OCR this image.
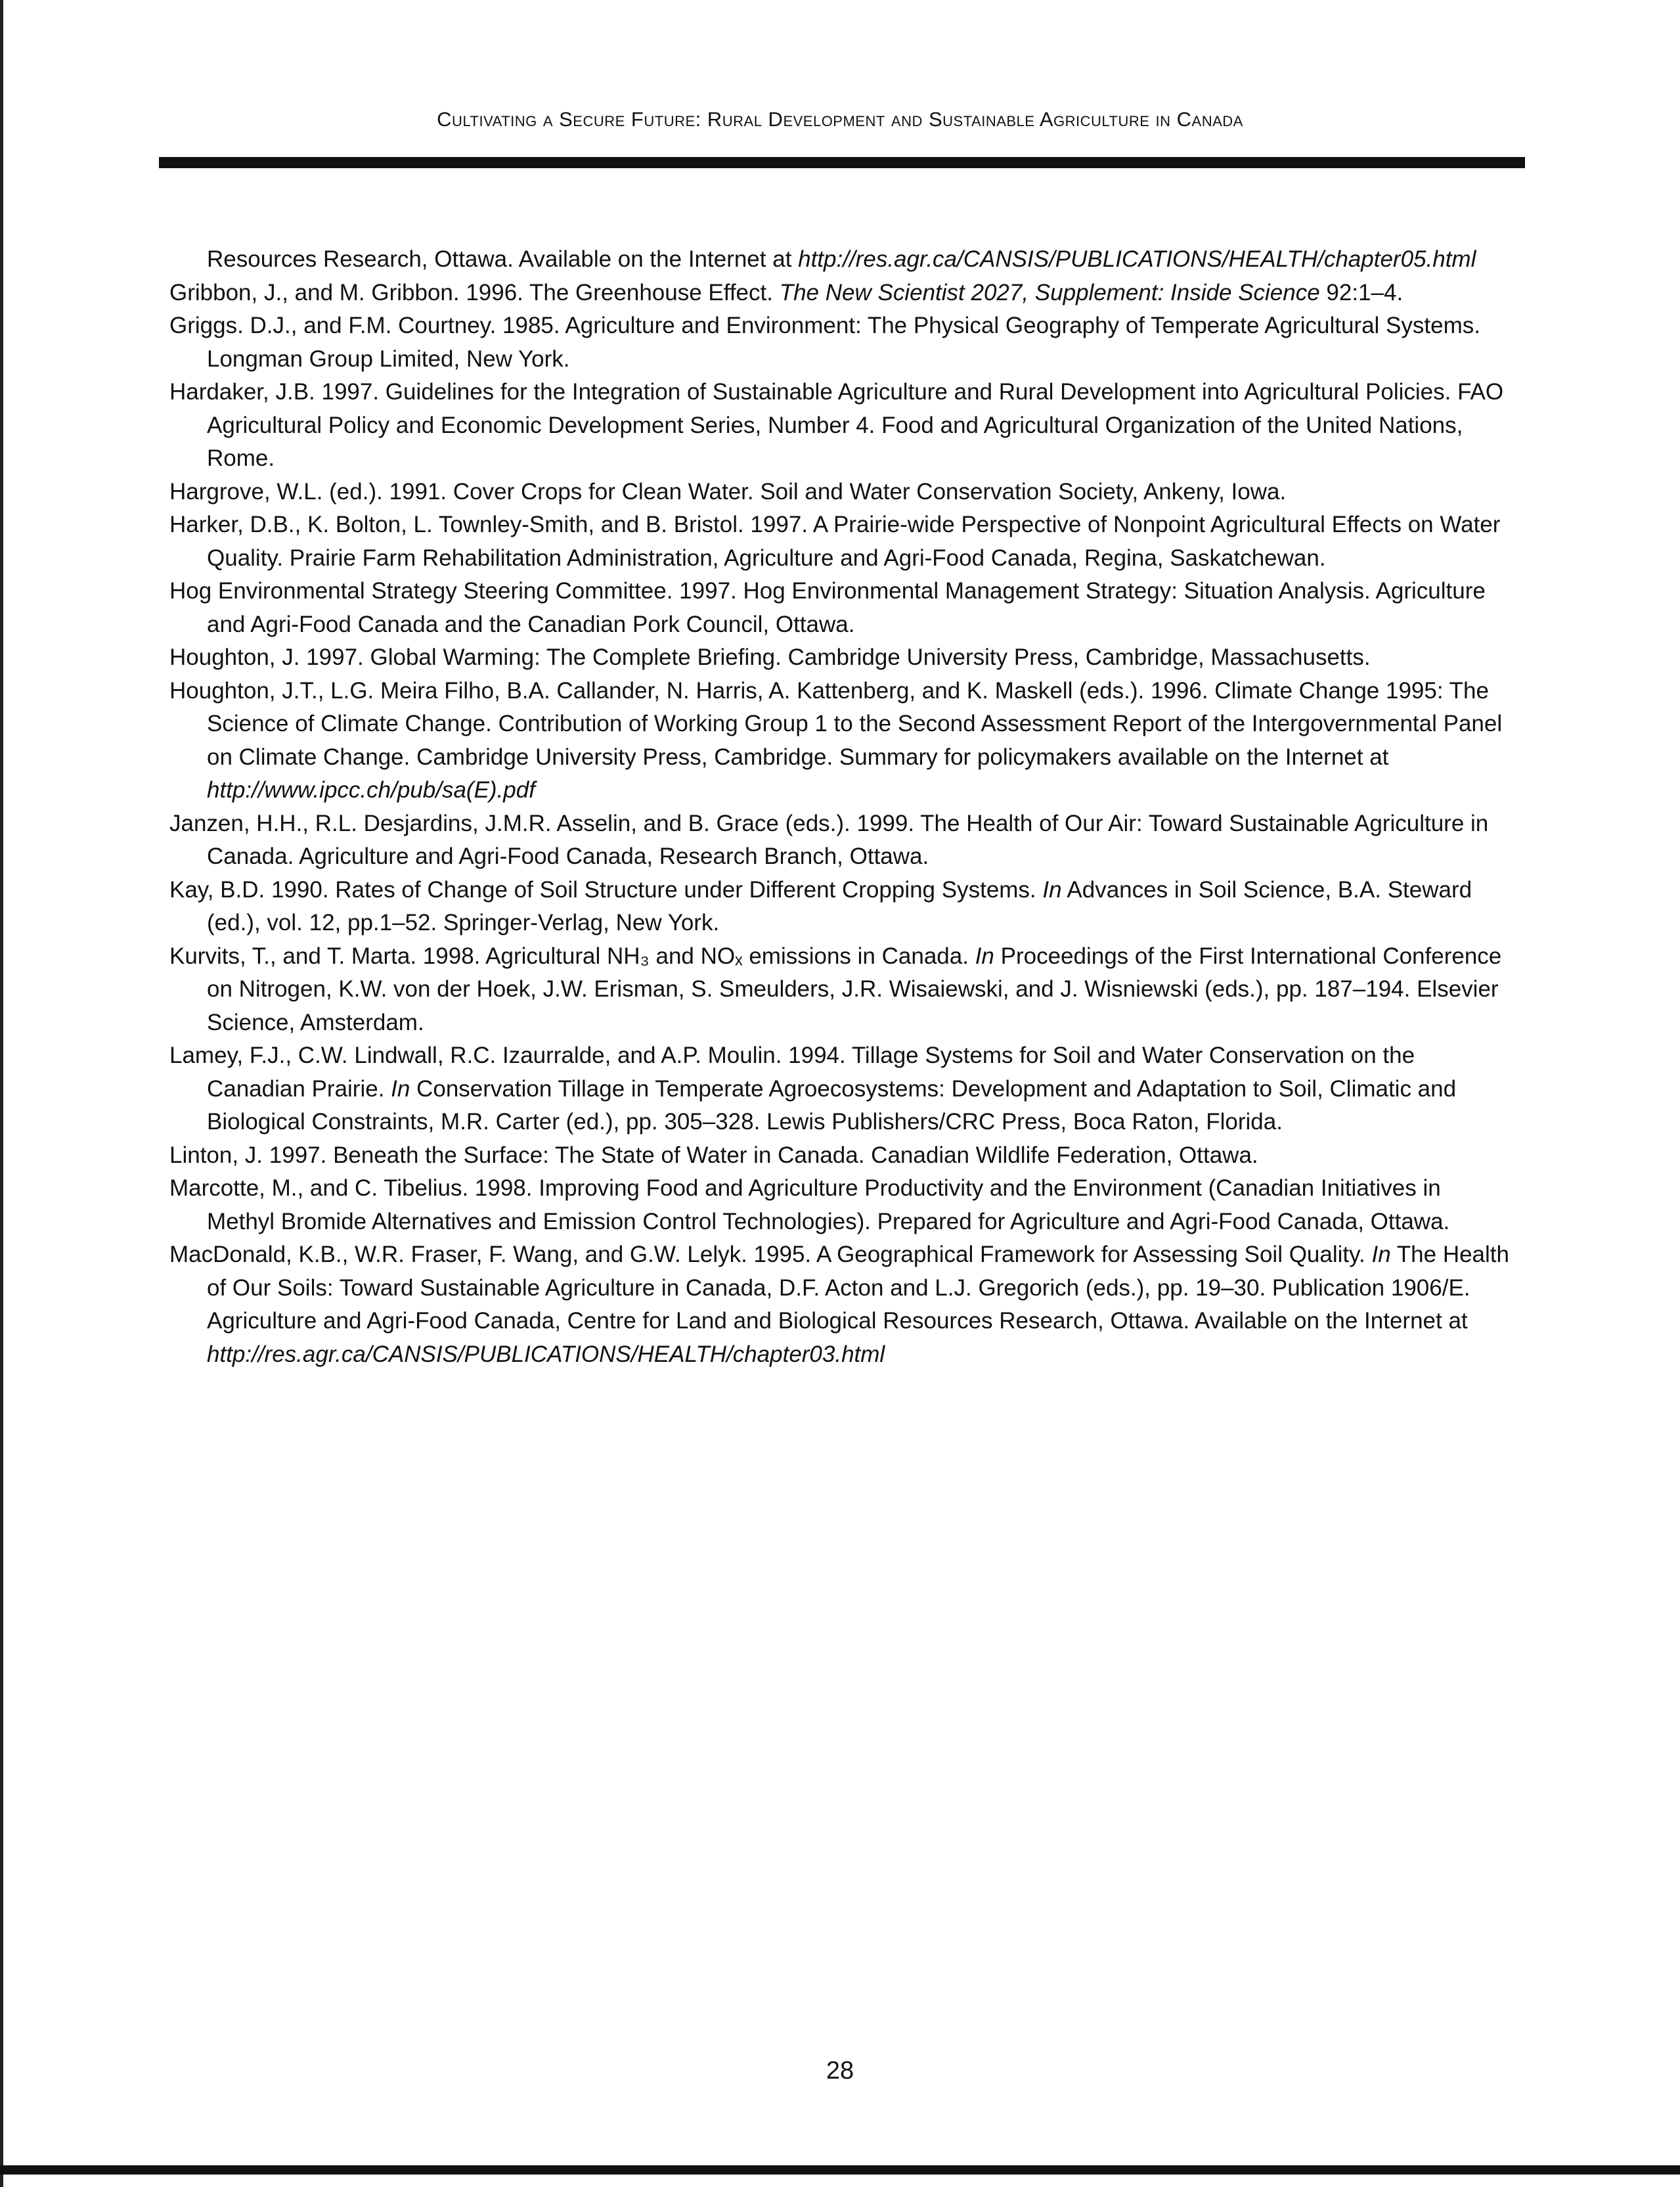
Cultivating a Secure Future: Rural Development and Sustainable Agriculture in Canada

Resources Research, Ottawa. Available on the Internet at http://res.agr.ca/CANSIS/PUBLICATIONS/HEALTH/chapter05.html

Gribbon, J., and M. Gribbon. 1996. The Greenhouse Effect. The New Scientist 2027, Supplement: Inside Science 92:1–4.

Griggs. D.J., and F.M. Courtney. 1985. Agriculture and Environment: The Physical Geography of Temperate Agricultural Systems. Longman Group Limited, New York.

Hardaker, J.B. 1997. Guidelines for the Integration of Sustainable Agriculture and Rural Development into Agricultural Policies. FAO Agricultural Policy and Economic Development Series, Number 4. Food and Agricultural Organization of the United Nations, Rome.

Hargrove, W.L. (ed.). 1991. Cover Crops for Clean Water. Soil and Water Conservation Society, Ankeny, Iowa.

Harker, D.B., K. Bolton, L. Townley-Smith, and B. Bristol. 1997. A Prairie-wide Perspective of Nonpoint Agricultural Effects on Water Quality. Prairie Farm Rehabilitation Administration, Agriculture and Agri-Food Canada, Regina, Saskatchewan.

Hog Environmental Strategy Steering Committee. 1997. Hog Environmental Management Strategy: Situation Analysis. Agriculture and Agri-Food Canada and the Canadian Pork Council, Ottawa.

Houghton, J. 1997. Global Warming: The Complete Briefing. Cambridge University Press, Cambridge, Massachusetts.

Houghton, J.T., L.G. Meira Filho, B.A. Callander, N. Harris, A. Kattenberg, and K. Maskell (eds.). 1996. Climate Change 1995: The Science of Climate Change. Contribution of Working Group 1 to the Second Assessment Report of the Intergovernmental Panel on Climate Change. Cambridge University Press, Cambridge. Summary for policymakers available on the Internet at http://www.ipcc.ch/pub/sa(E).pdf

Janzen, H.H., R.L. Desjardins, J.M.R. Asselin, and B. Grace (eds.). 1999. The Health of Our Air: Toward Sustainable Agriculture in Canada. Agriculture and Agri-Food Canada, Research Branch, Ottawa.

Kay, B.D. 1990. Rates of Change of Soil Structure under Different Cropping Systems. In Advances in Soil Science, B.A. Steward (ed.), vol. 12, pp.1–52. Springer-Verlag, New York.

Kurvits, T., and T. Marta. 1998. Agricultural NH₃ and NOₓ emissions in Canada. In Proceedings of the First International Conference on Nitrogen, K.W. von der Hoek, J.W. Erisman, S. Smeulders, J.R. Wisaiewski, and J. Wisniewski (eds.), pp. 187–194. Elsevier Science, Amsterdam.

Lamey, F.J., C.W. Lindwall, R.C. Izaurralde, and A.P. Moulin. 1994. Tillage Systems for Soil and Water Conservation on the Canadian Prairie. In Conservation Tillage in Temperate Agroecosystems: Development and Adaptation to Soil, Climatic and Biological Constraints, M.R. Carter (ed.), pp. 305–328. Lewis Publishers/CRC Press, Boca Raton, Florida.

Linton, J. 1997. Beneath the Surface: The State of Water in Canada. Canadian Wildlife Federation, Ottawa.

Marcotte, M., and C. Tibelius. 1998. Improving Food and Agriculture Productivity and the Environment (Canadian Initiatives in Methyl Bromide Alternatives and Emission Control Technologies). Prepared for Agriculture and Agri-Food Canada, Ottawa.

MacDonald, K.B., W.R. Fraser, F. Wang, and G.W. Lelyk. 1995. A Geographical Framework for Assessing Soil Quality. In The Health of Our Soils: Toward Sustainable Agriculture in Canada, D.F. Acton and L.J. Gregorich (eds.), pp. 19–30. Publication 1906/E. Agriculture and Agri-Food Canada, Centre for Land and Biological Resources Research, Ottawa. Available on the Internet at http://res.agr.ca/CANSIS/PUBLICATIONS/HEALTH/chapter03.html

28
